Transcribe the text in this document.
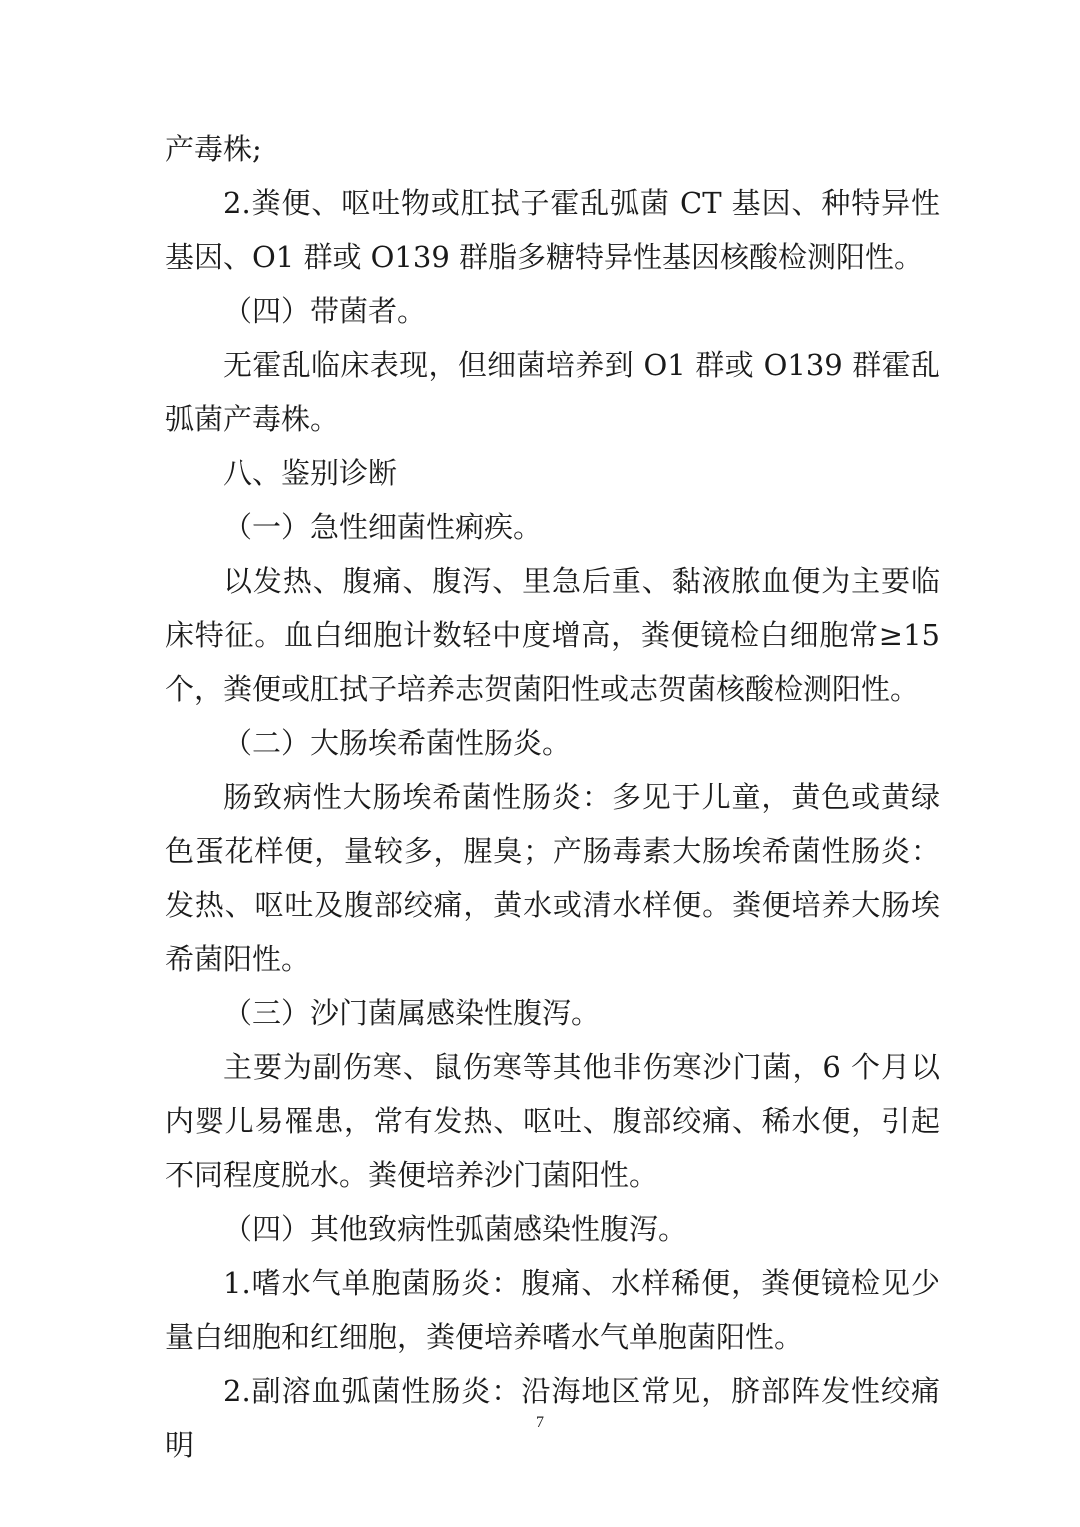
产毒株;

2.粪便、呕吐物或肛拭子霍乱弧菌 CT 基因、种特异性基因、O1 群或 O139 群脂多糖特异性基因核酸检测阳性。

（四）带菌者。

无霍乱临床表现，但细菌培养到 O1 群或 O139 群霍乱弧菌产毒株。

八、鉴别诊断

（一）急性细菌性痢疾。

以发热、腹痛、腹泻、里急后重、黏液脓血便为主要临床特征。血白细胞计数轻中度增高，粪便镜检白细胞常≥15 个，粪便或肛拭子培养志贺菌阳性或志贺菌核酸检测阳性。

（二）大肠埃希菌性肠炎。

肠致病性大肠埃希菌性肠炎：多见于儿童，黄色或黄绿色蛋花样便，量较多，腥臭；产肠毒素大肠埃希菌性肠炎：发热、呕吐及腹部绞痛，黄水或清水样便。粪便培养大肠埃希菌阳性。

（三）沙门菌属感染性腹泻。

主要为副伤寒、鼠伤寒等其他非伤寒沙门菌，6 个月以内婴儿易罹患，常有发热、呕吐、腹部绞痛、稀水便，引起不同程度脱水。粪便培养沙门菌阳性。

（四）其他致病性弧菌感染性腹泻。

1.嗜水气单胞菌肠炎：腹痛、水样稀便，粪便镜检见少量白细胞和红细胞，粪便培养嗜水气单胞菌阳性。

2.副溶血弧菌性肠炎：沿海地区常见，脐部阵发性绞痛明

7
